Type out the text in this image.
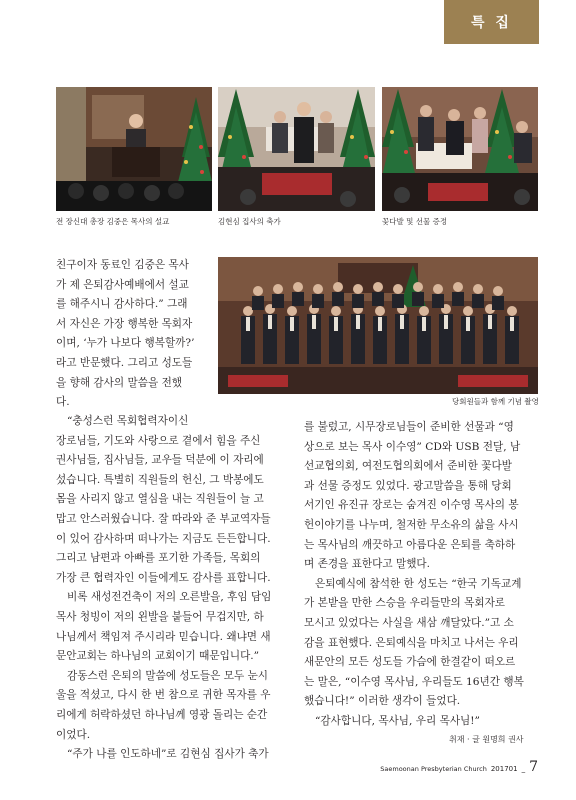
특 집
전 장신대 총장 김중은 목사의 설교	김현심 집사의 축가	꽃다발 및 선물 증정
당회원들과 함께 기념 촬영

친구이자 동료인 김중은 목사

가 제 은퇴감사예배에서 설교

를 해주시니 감사하다.” 그래

서 자신은 가장 행복한 목회자

이며, ‘누가 나보다 행복할까?’

라고 반문했다. 그리고 성도들

을 향해 감사의 말씀을 전했

다.

“충성스런 목회협력자이신

장로님들, 기도와 사랑으로 곁에서 힘을 주신

권사님들, 집사님들, 교우들 덕분에 이 자리에

섰습니다. 특별히 직원들의 헌신, 그 박봉에도

몸을 사리지 않고 열심을 내는 직원들이 늘 고

맙고 안스러웠습니다. 잘 따라와 준 부교역자들

이 있어 감사하며 떠나가는 지금도 든든합니다.

그리고 남편과 아빠를 포기한 가족들, 목회의

가장 큰 협력자인 이들에게도 감사를 표합니다.

비록 새성전건축이 저의 오른발을, 후임 담임

목사 청빙이 저의 왼발을 붙들어 무겁지만, 하

나님께서 책임져 주시리라 믿습니다. 왜냐면 새

문안교회는 하나님의 교회이기 때문입니다.”

감동스런 은퇴의 말씀에 성도들은 모두 눈시

울을 적셨고, 다시 한 번 참으로 귀한 목자를 우

리에게 허락하셨던 하나님께 영광 돌리는 순간

이었다.

“주가 나를 인도하네”로 김현심 집사가 축가

를 불렀고, 시무장로님들이 준비한 선물과 “영

상으로 보는 목사 이수영” CD와 USB 전달, 남

선교협의회, 여전도협의회에서 준비한 꽃다발

과 선물 증정도 있었다. 광고말씀을 통해 당회

서기인 유진규 장로는 숨겨진 이수영 목사의 봉

헌이야기를 나누며, 철저한 무소유의 삶을 사시

는 목사님의 깨끗하고 아름다운 은퇴를 축하하

며 존경을 표한다고 말했다.

은퇴예식에 참석한 한 성도는 “한국 기독교계

가 본받을 만한 스승을 우리들만의 목회자로

모시고 있었다는 사실을 새삼 깨달았다.”고 소

감을 표현했다. 은퇴예식을 마치고 나서는 우리

새문안의 모든 성도들 가슴에 한결같이 떠오르

는 말은, “이수영 목사님, 우리들도 16년간 행복

했습니다!” 이러한 생각이 들었다.

“감사합니다, 목사님, 우리 목사님!”

취재 · 글 원명희 권사
Saemoonan Presbyterian Church 201701 _ 7
